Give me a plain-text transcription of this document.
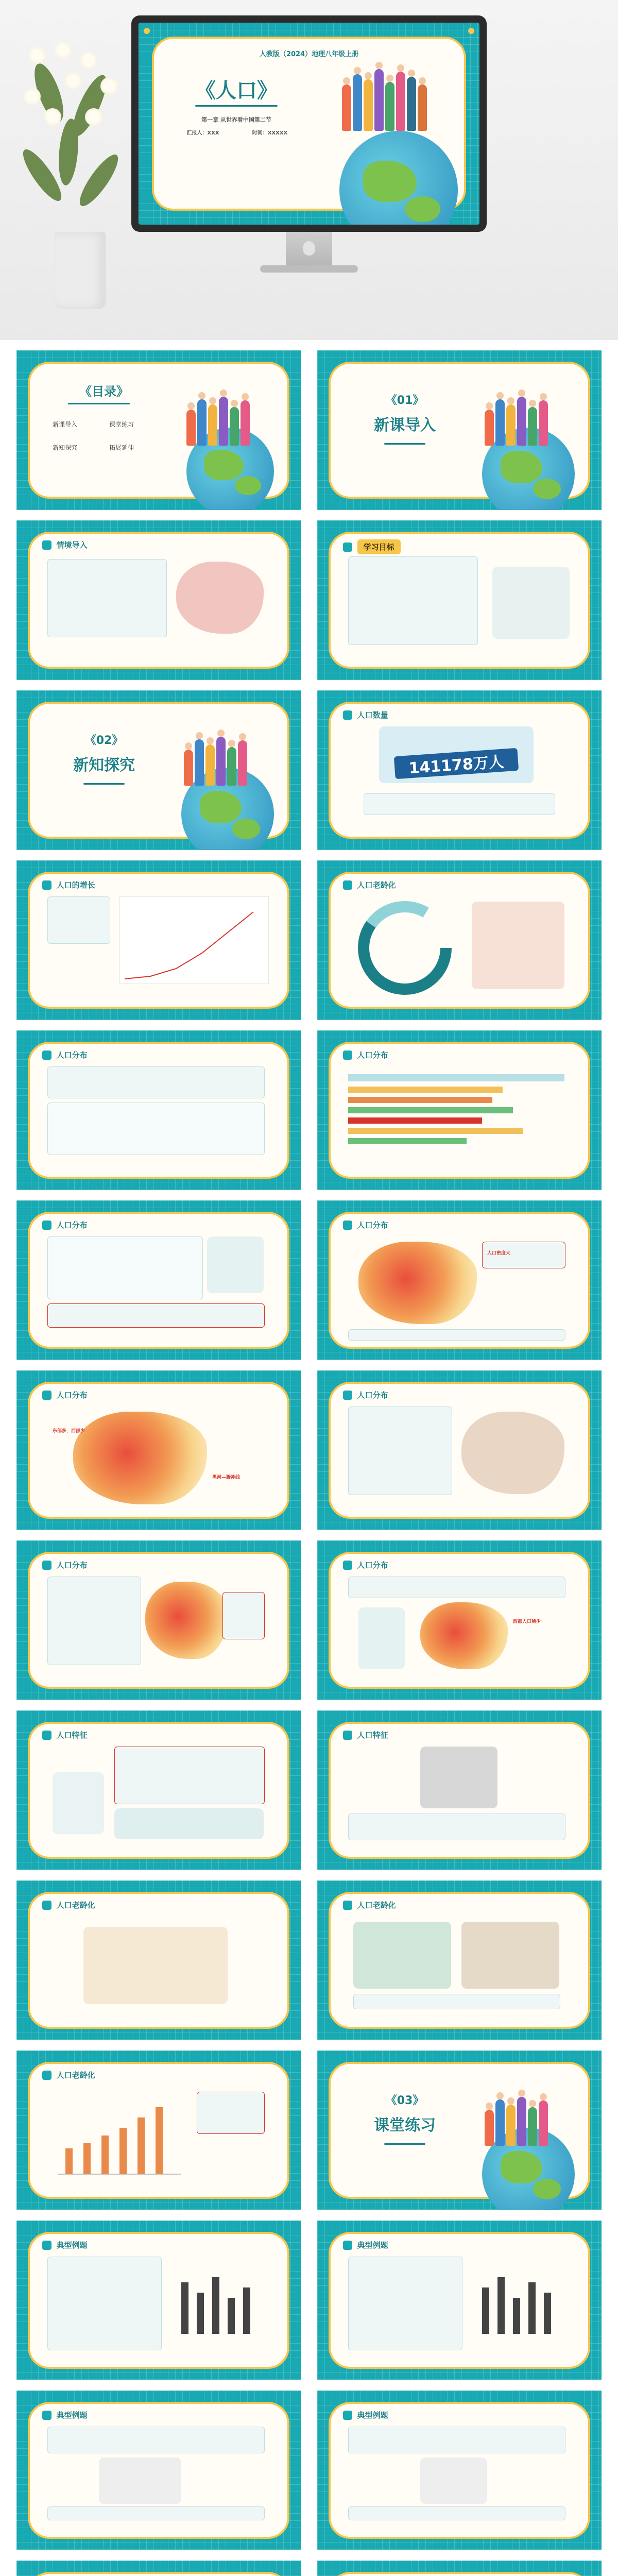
人教版（2024）地理八年级上册
《人口》
第一章 从世界看中国第二节
汇报人：XXX	时间：XXXXX
《目录》
新课导入	课堂练习
新知探究	拓展延伸
《01》
新课导入
情境导入	学习目标
《02》
新知探究
人口数量
141178万人
人口的增长	人口老龄化
人口分布	人口分布
人口分布	人口分布
人口密度大
人口分布
东部多，西部少
黑河—腾冲线
人口分布
人口分布	人口分布
西部人口稀少
人口特征	人口特征
人口老龄化	人口老龄化
人口老龄化
《03》
课堂练习
典型例题	典型例题
典型例题	典型例题
